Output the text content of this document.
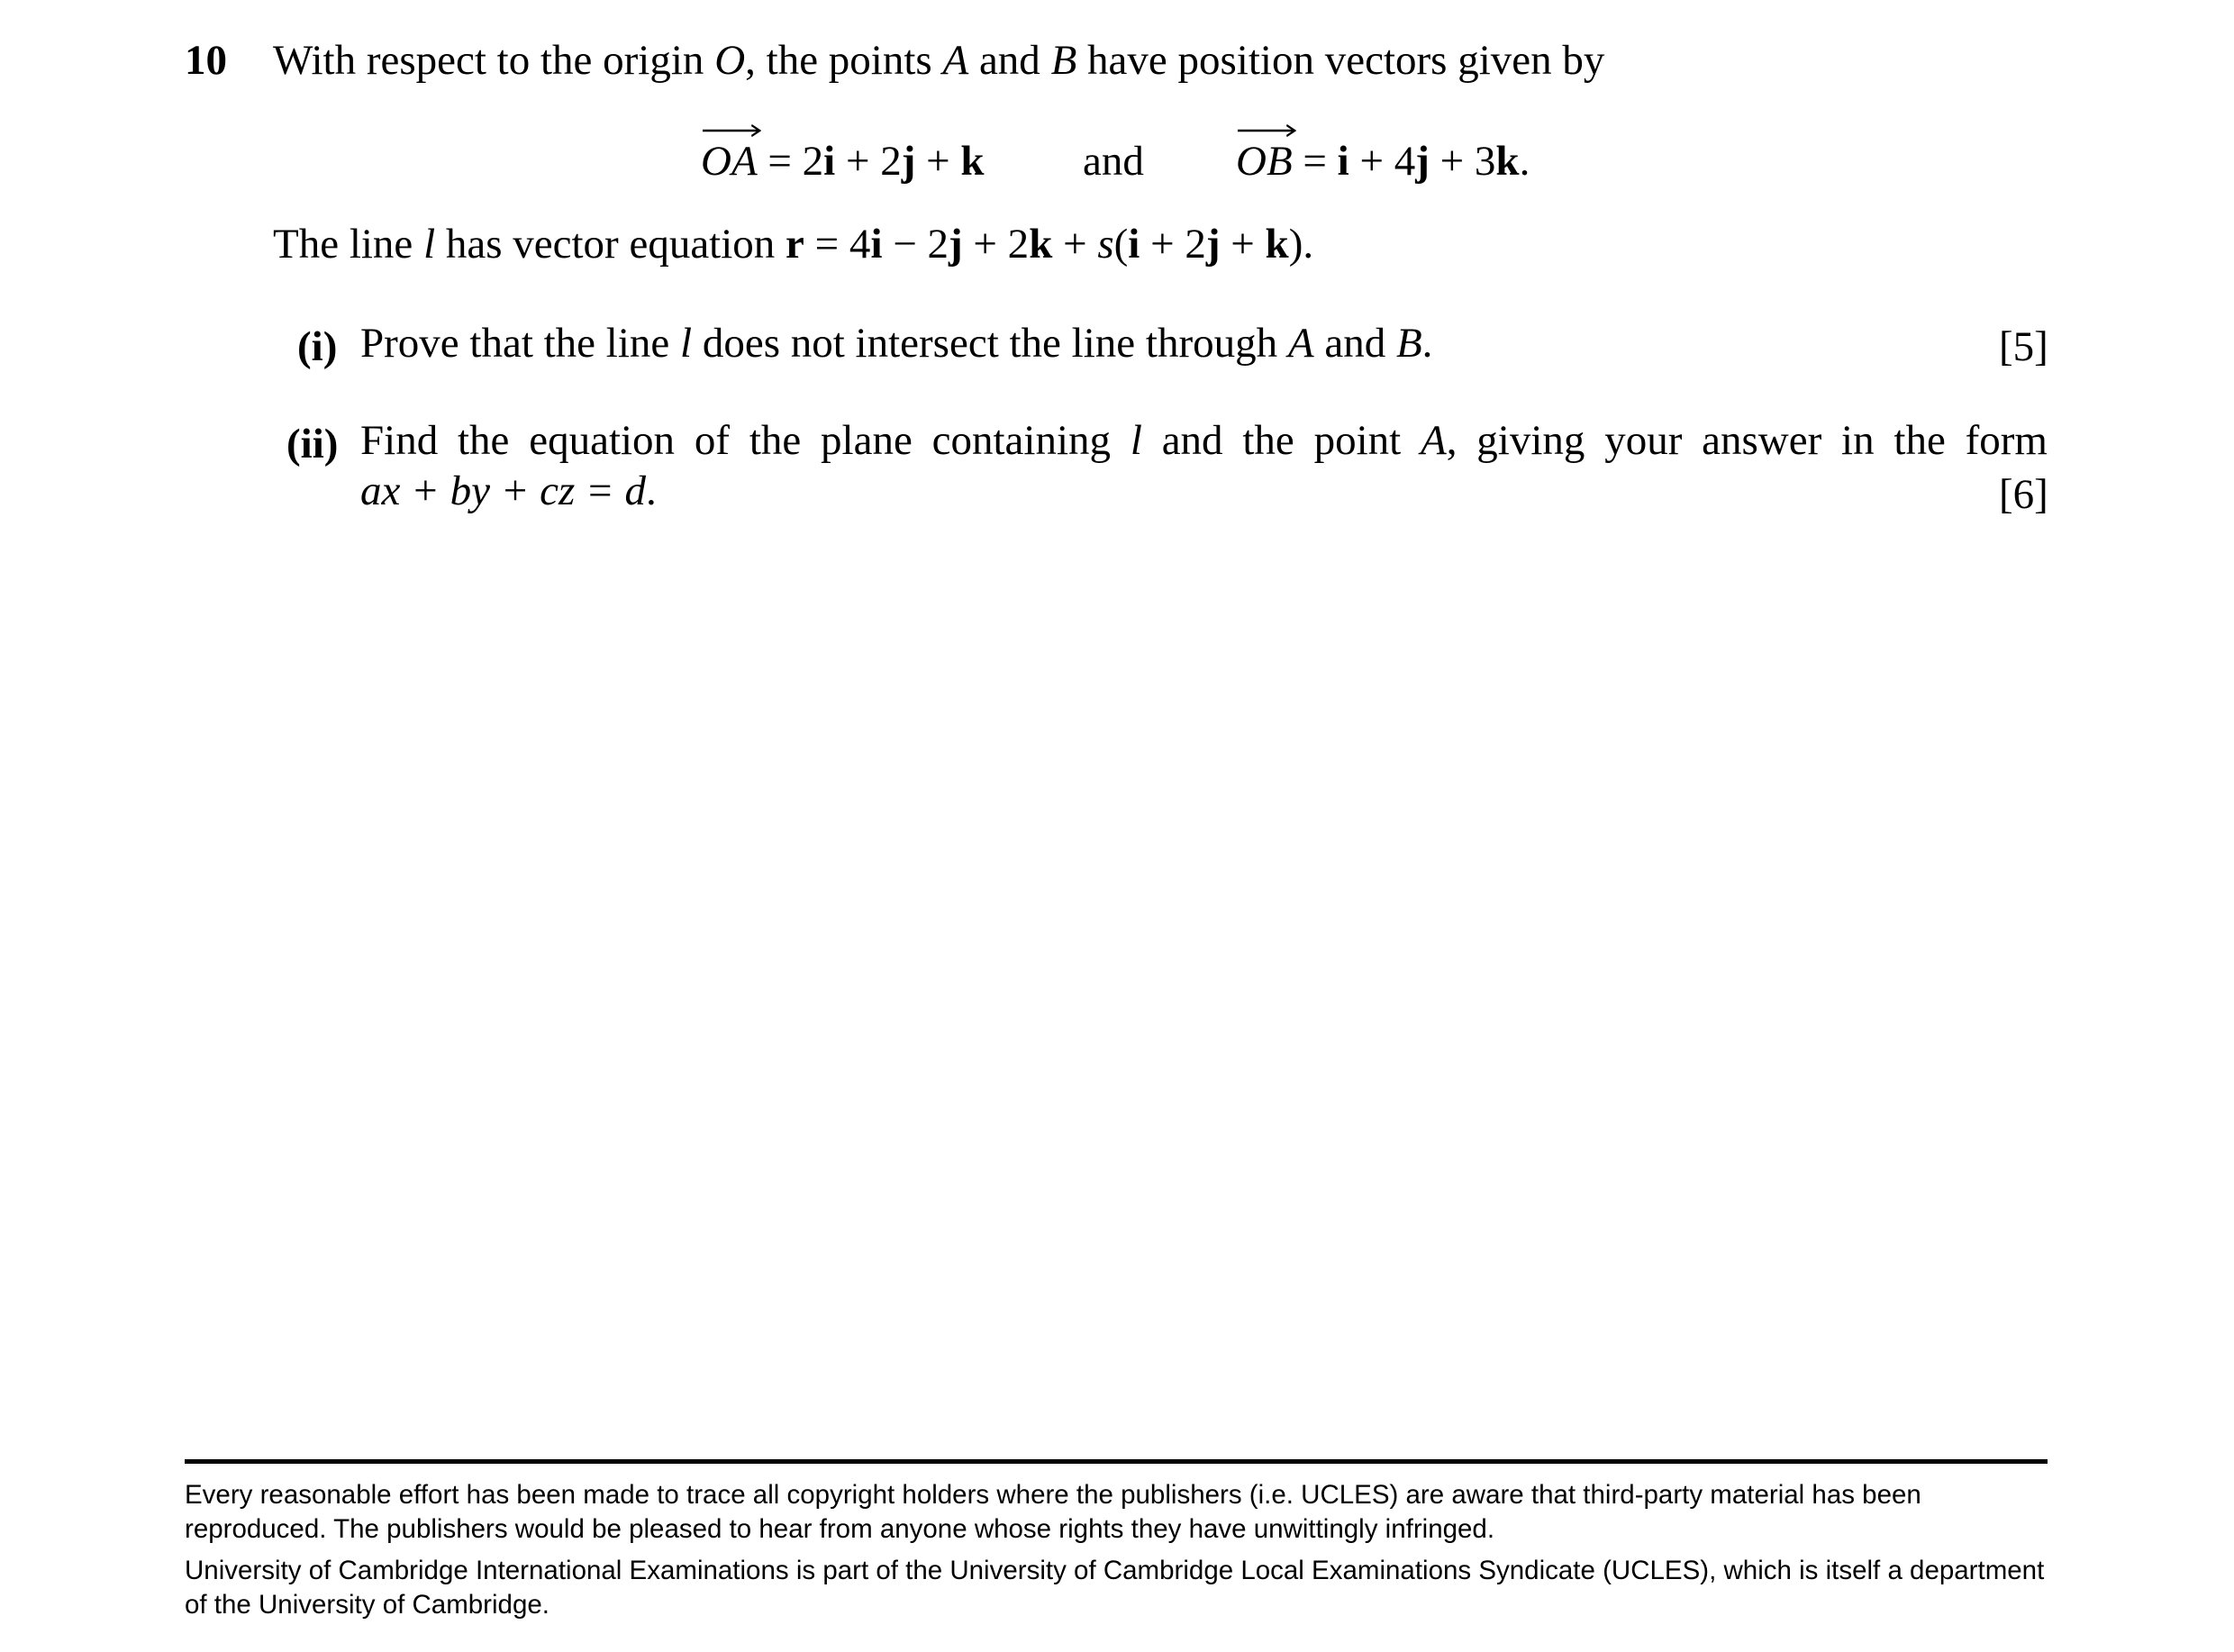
10 With respect to the origin O, the points A and B have position vectors given by
OA = 2i + 2j + k and OB = i + 4j + 3k.
The line l has vector equation r = 4i − 2j + 2k + s(i + 2j + k).
(i) Prove that the line l does not intersect the line through A and B.	[5]
(ii) Find the equation of the plane containing l and the point A, giving your answer in the form
ax + by + cz = d.	[6]
Every reasonable effort has been made to trace all copyright holders where the publishers (i.e. UCLES) are aware that third-party material has been reproduced. The publishers would be pleased to hear from anyone whose rights they have unwittingly infringed.
University of Cambridge International Examinations is part of the University of Cambridge Local Examinations Syndicate (UCLES), which is itself a department of the University of Cambridge.
